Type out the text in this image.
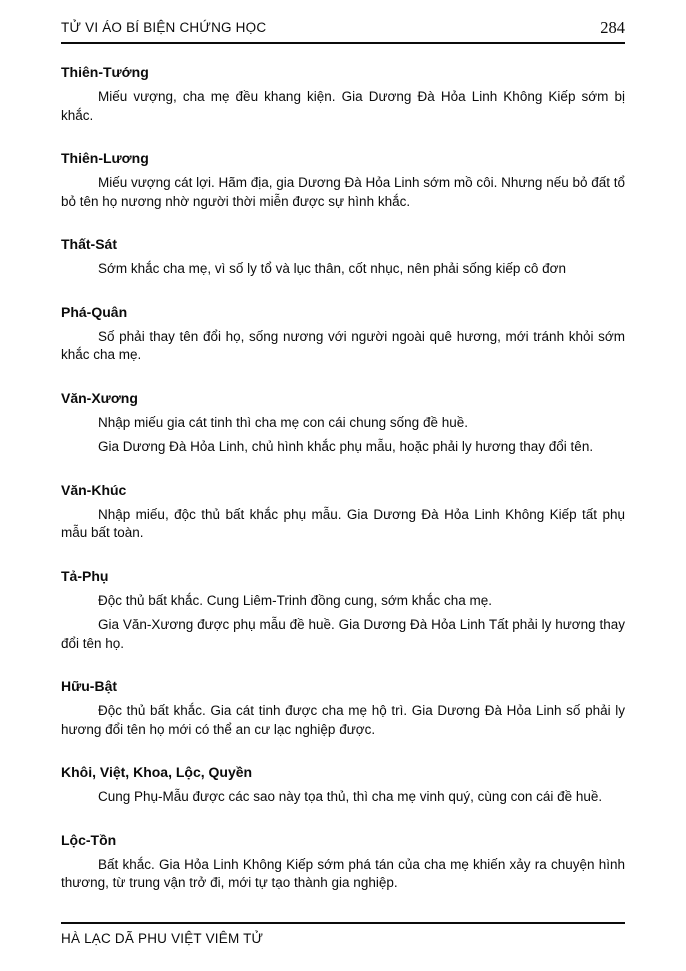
TỬ VI ÁO BÍ BIỆN CHỨNG HỌC	284
Thiên-Tướng

Miếu vượng, cha mẹ đều khang kiện. Gia Dương Đà Hỏa Linh Không Kiếp sớm bị khắc.

Thiên-Lương

Miếu vượng cát lợi. Hãm địa, gia Dương Đà Hỏa Linh sớm mồ côi. Nhưng nếu bỏ đất tổ bỏ tên họ nương nhờ người thời miễn được sự hình khắc.

Thất-Sát

Sớm khắc cha mẹ, vì số ly tổ và lục thân, cốt nhục, nên phải sống kiếp cô đơn

Phá-Quân

Số phải thay tên đổi họ, sống nương với người ngoài quê hương, mới tránh khỏi sớm khắc cha mẹ.

Văn-Xương

Nhập miếu gia cát tinh thì cha mẹ con cái chung sống đề huề.

Gia Dương Đà Hỏa Linh, chủ hình khắc phụ mẫu, hoặc phải ly hương thay đổi tên.

Văn-Khúc

Nhập miếu, độc thủ bất khắc phụ mẫu. Gia Dương Đà Hỏa Linh Không Kiếp tất phụ mẫu bất toàn.

Tả-Phụ

Độc thủ bất khắc. Cung Liêm-Trinh đồng cung, sớm khắc cha mẹ.

Gia Văn-Xương được phụ mẫu đề huề. Gia Dương Đà Hỏa Linh Tất phải ly hương thay đổi tên họ.

Hữu-Bật

Độc thủ bất khắc. Gia cát tinh được cha mẹ hộ trì. Gia Dương Đà Hỏa Linh số phải ly hương đổi tên họ mới có thể an cư lạc nghiệp được.

Khôi, Việt, Khoa, Lộc, Quyền

Cung Phụ-Mẫu được các sao này tọa thủ, thì cha mẹ vinh quý, cùng con cái đề huề.

Lộc-Tồn

Bất khắc. Gia Hỏa Linh Không Kiếp sớm phá tán của cha mẹ khiến xảy ra chuyện hình thương, từ trung vận trở đi, mới tự tạo thành gia nghiệp.

HÀ LẠC DÃ PHU VIỆT VIÊM TỬ
